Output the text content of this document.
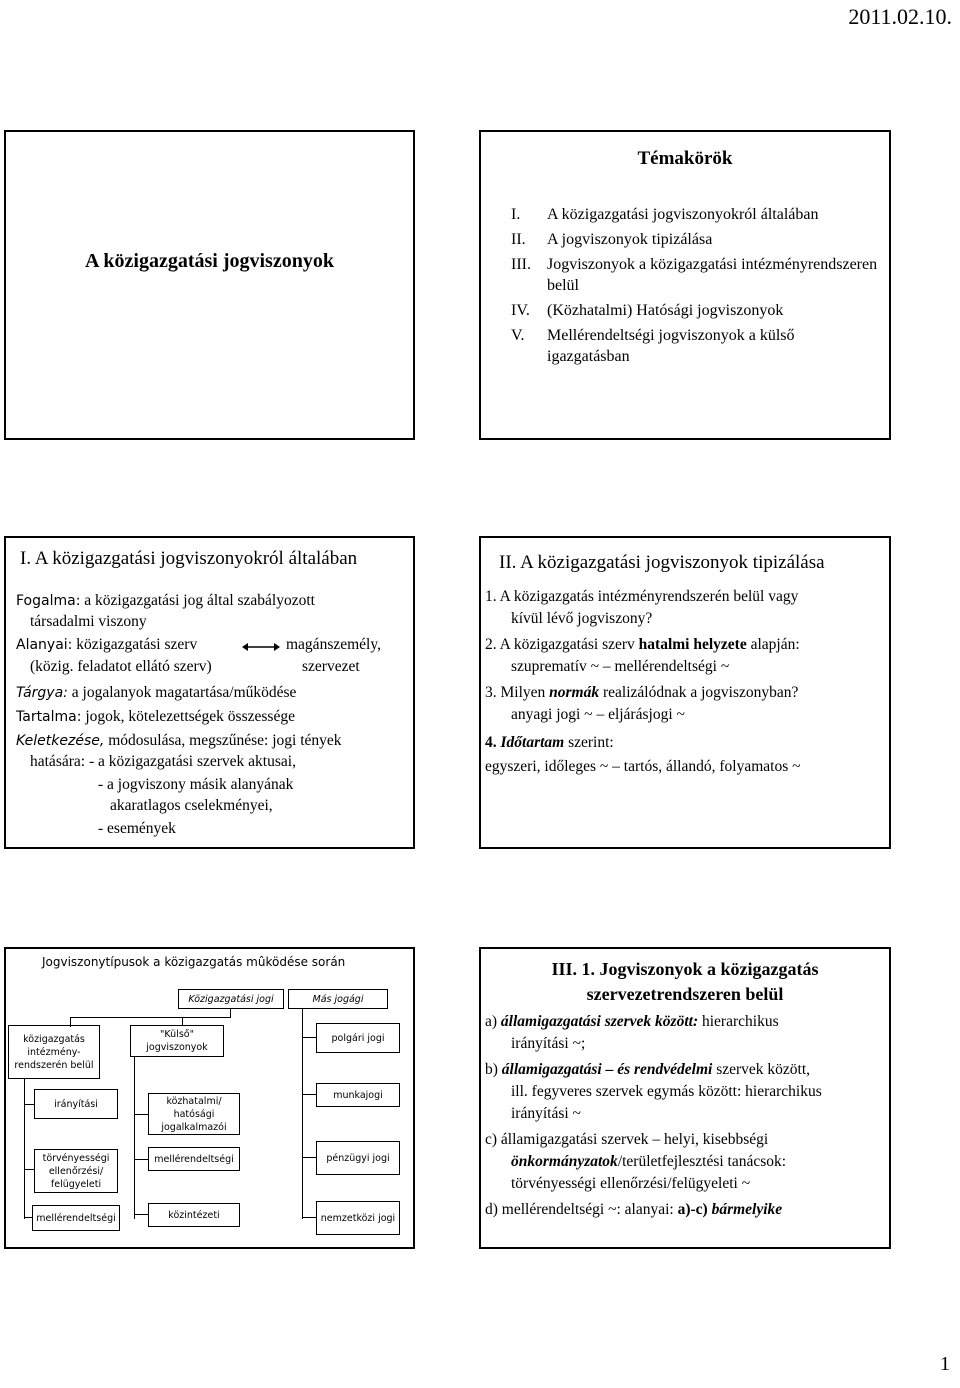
2011.02.10.
A közigazgatási jogviszonyok
Témakörök
I.	A közigazgatási jogviszonyokról általában
II.	A jogviszonyok tipizálása
III.	Jogviszonyok a közigazgatási intézményrendszeren belül
IV.	(Közhatalmi) Hatósági jogviszonyok
V.	Mellérendeltségi jogviszonyok a külső igazgatásban
I. A közigazgatási jogviszonyokról általában
Fogalma: a közigazgatási jog által szabályozott
társadalmi viszony
Alanyai: közigazgatási szerv	magánszemély,
(közig. feladatot ellátó szerv)	szervezet
Tárgya: a jogalanyok magatartása/működése
Tartalma: jogok, kötelezettségek összessége
Keletkezése, módosulása, megszűnése: jogi tények
hatására: - a közigazgatási szervek aktusai,
- a jogviszony másik alanyának
akaratlagos cselekményei,
- események
II. A közigazgatási jogviszonyok tipizálása
1. A közigazgatás intézményrendszerén belül vagy
kívül lévő jogviszony?
2. A közigazgatási szerv hatalmi helyzete alapján:
szuprematív ~ – mellérendeltségi ~
3. Milyen normák realizálódnak a jogviszonyban?
anyagi jogi ~ – eljárásjogi ~
4. Időtartam szerint:
egyszeri, időleges ~ – tartós, állandó, folyamatos ~
Jogviszonytípusok a közigazgatás mûködése során
Közigazgatási jogi	Más jogági
közigazgatás intézmény-rendszerén belül
irányítási
törvényességi ellenőrzési/ felügyeleti
mellérendeltségi
"Külső" jogviszonyok
közhatalmi/ hatósági jogalkalmazói
mellérendeltségi
közintézeti
polgári jogi
munkajogi
pénzügyi jogi
nemzetközi jogi
III. 1. Jogviszonyok a közigazgatás szervezetrendszeren belül
a) államigazgatási szervek között: hierarchikus
irányítási ~;
b) államigazgatási – és rendvédelmi szervek között,
ill. fegyveres szervek egymás között: hierarchikus
irányítási ~
c) államigazgatási szervek – helyi, kisebbségi
önkormányzatok/területfejlesztési tanácsok:
törvényességi ellenőrzési/felügyeleti ~
d) mellérendeltségi ~: alanyai: a)-c) bármelyike
1
